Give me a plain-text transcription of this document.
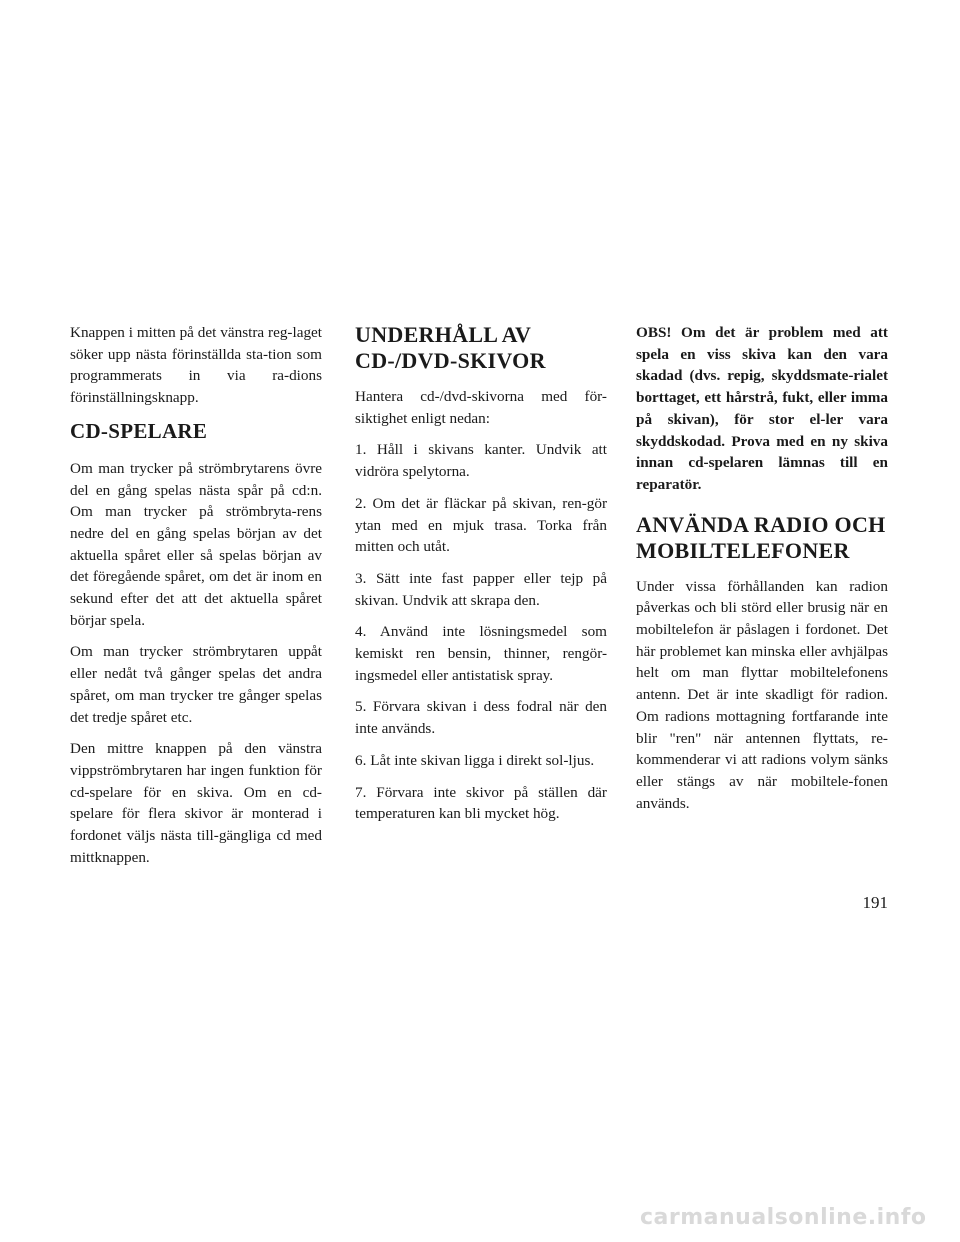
Knappen i mitten på det vänstra reg-laget söker upp nästa förinställda sta-tion som programmerats in via ra-dions förinställningsknapp.

CD-SPELARE

Om man trycker på strömbrytarens övre del en gång spelas nästa spår på cd:n. Om man trycker på strömbryta-rens nedre del en gång spelas början av det aktuella spåret eller så spelas början av det föregående spåret, om det är inom en sekund efter det att det aktuella spåret börjar spela.

Om man trycker strömbrytaren uppåt eller nedåt två gånger spelas det andra spåret, om man trycker tre gånger spelas det tredje spåret etc.

Den mittre knappen på den vänstra vippströmbrytaren har ingen funktion för cd-spelare för en skiva. Om en cd-spelare för flera skivor är monterad i fordonet väljs nästa till-gängliga cd med mittknappen.

UNDERHÅLL AV CD-/DVD-SKIVOR

Hantera cd-/dvd-skivorna med för-siktighet enligt nedan:

1. Håll i skivans kanter. Undvik att vidröra spelytorna.

2. Om det är fläckar på skivan, ren-gör ytan med en mjuk trasa. Torka från mitten och utåt.

3. Sätt inte fast papper eller tejp på skivan. Undvik att skrapa den.

4. Använd inte lösningsmedel som kemiskt ren bensin, thinner, rengör-ingsmedel eller antistatisk spray.

5. Förvara skivan i dess fodral när den inte används.

6. Låt inte skivan ligga i direkt sol-ljus.

7. Förvara inte skivor på ställen där temperaturen kan bli mycket hög.

OBS! Om det är problem med att spela en viss skiva kan den vara skadad (dvs. repig, skyddsmate-rialet borttaget, ett hårstrå, fukt, eller imma på skivan), för stor el-ler vara skyddskodad. Prova med en ny skiva innan cd-spelaren lämnas till en reparatör.

ANVÄNDA RADIO OCH MOBILTELEFONER

Under vissa förhållanden kan radion påverkas och bli störd eller brusig när en mobiltelefon är påslagen i fordonet. Det här problemet kan minska eller avhjälpas helt om man flyttar mobiltelefonens antenn. Det är inte skadligt för radion. Om radions mottagning fortfarande inte blir "ren" när antennen flyttats, re-kommenderar vi att radions volym sänks eller stängs av när mobiltele-fonen används.

191
carmanualsonline.info
